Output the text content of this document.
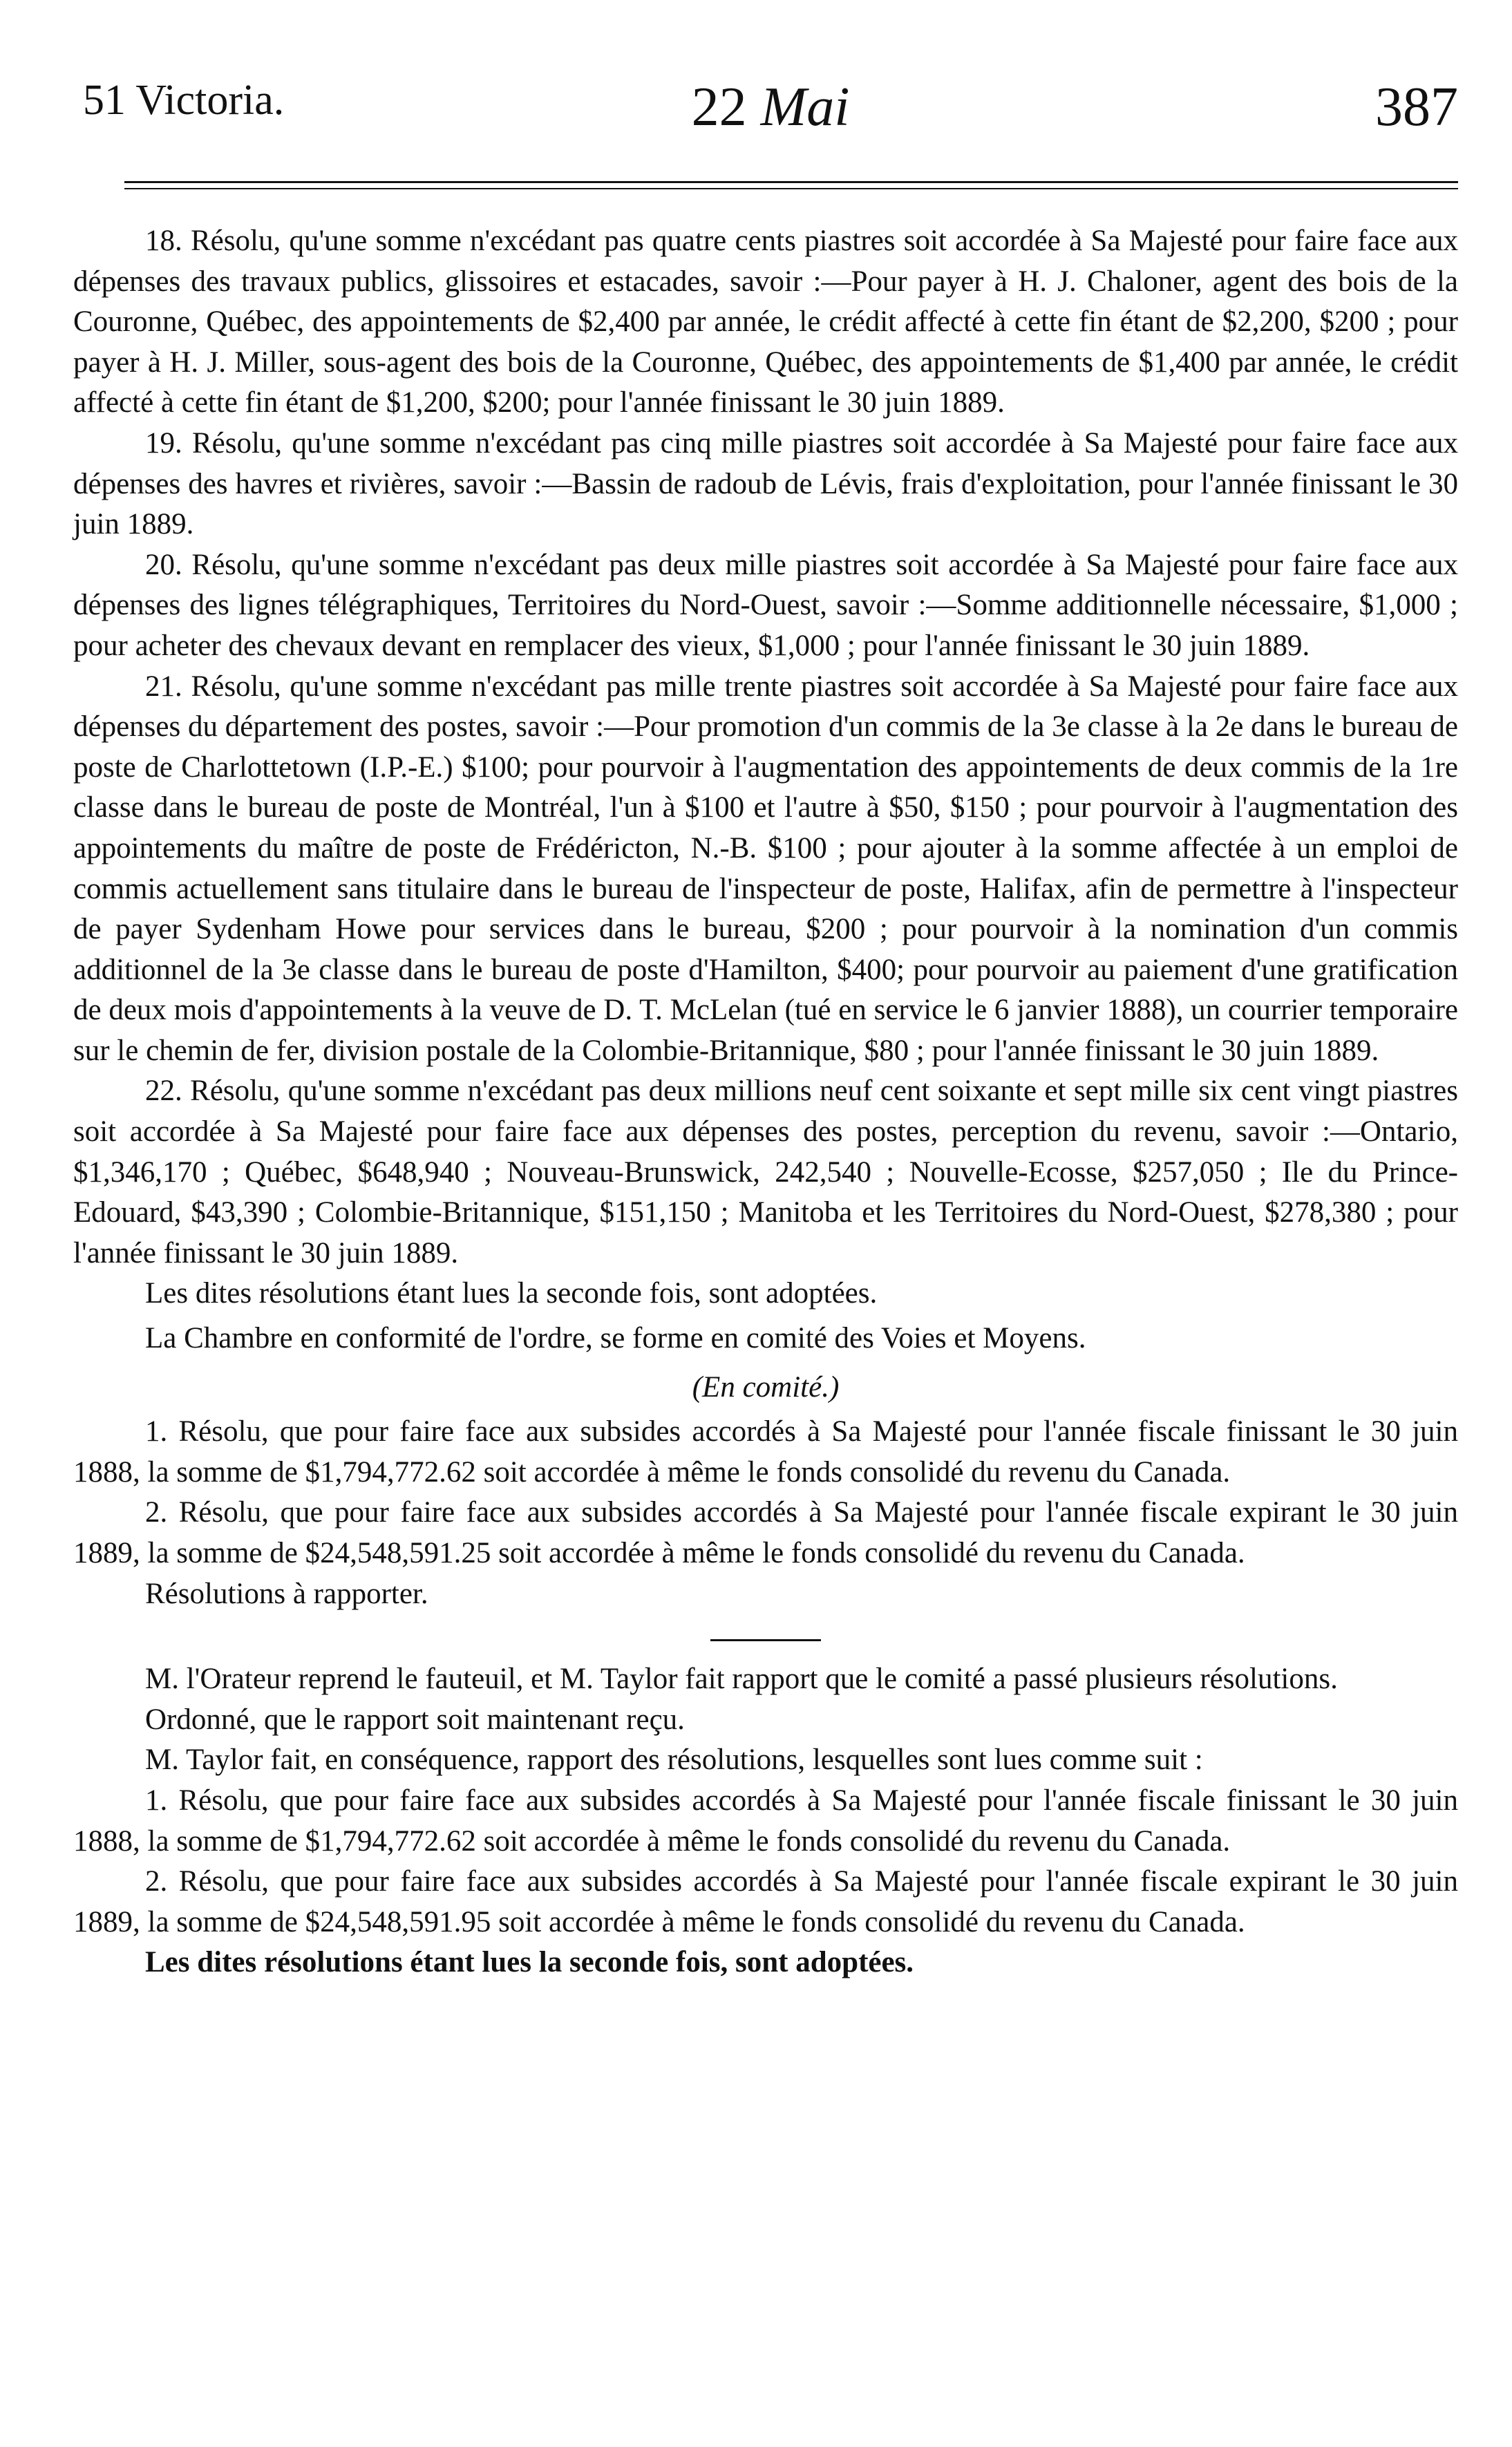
51 Victoria.	22 Mai	387

18. Résolu, qu'une somme n'excédant pas quatre cents piastres soit accordée à Sa Majesté pour faire face aux dépenses des travaux publics, glissoires et estacades, savoir :—Pour payer à H. J. Chaloner, agent des bois de la Couronne, Québec, des appointements de $2,400 par année, le crédit affecté à cette fin étant de $2,200, $200 ; pour payer à H. J. Miller, sous-agent des bois de la Couronne, Québec, des appointements de $1,400 par année, le crédit affecté à cette fin étant de $1,200, $200; pour l'année finissant le 30 juin 1889.

19. Résolu, qu'une somme n'excédant pas cinq mille piastres soit accordée à Sa Majesté pour faire face aux dépenses des havres et rivières, savoir :—Bassin de radoub de Lévis, frais d'exploitation, pour l'année finissant le 30 juin 1889.

20. Résolu, qu'une somme n'excédant pas deux mille piastres soit accordée à Sa Majesté pour faire face aux dépenses des lignes télégraphiques, Territoires du Nord-Ouest, savoir :—Somme additionnelle nécessaire, $1,000 ; pour acheter des chevaux devant en remplacer des vieux, $1,000 ; pour l'année finissant le 30 juin 1889.

21. Résolu, qu'une somme n'excédant pas mille trente piastres soit accordée à Sa Majesté pour faire face aux dépenses du département des postes, savoir :—Pour promotion d'un commis de la 3e classe à la 2e dans le bureau de poste de Charlottetown (I.P.-E.) $100; pour pourvoir à l'augmentation des appointements de deux commis de la 1re classe dans le bureau de poste de Montréal, l'un à $100 et l'autre à $50, $150 ; pour pourvoir à l'augmentation des appointements du maître de poste de Frédéricton, N.-B. $100 ; pour ajouter à la somme affectée à un emploi de commis actuellement sans titulaire dans le bureau de l'inspecteur de poste, Halifax, afin de permettre à l'inspecteur de payer Sydenham Howe pour services dans le bureau, $200 ; pour pourvoir à la nomination d'un commis additionnel de la 3e classe dans le bureau de poste d'Hamilton, $400; pour pourvoir au paiement d'une gratification de deux mois d'appointements à la veuve de D. T. McLelan (tué en service le 6 janvier 1888), un courrier temporaire sur le chemin de fer, division postale de la Colombie-Britannique, $80 ; pour l'année finissant le 30 juin 1889.

22. Résolu, qu'une somme n'excédant pas deux millions neuf cent soixante et sept mille six cent vingt piastres soit accordée à Sa Majesté pour faire face aux dépenses des postes, perception du revenu, savoir :—Ontario, $1,346,170 ; Québec, $648,940 ; Nouveau-Brunswick, 242,540 ; Nouvelle-Ecosse, $257,050 ; Ile du Prince-Edouard, $43,390 ; Colombie-Britannique, $151,150 ; Manitoba et les Territoires du Nord-Ouest, $278,380 ; pour l'année finissant le 30 juin 1889.

Les dites résolutions étant lues la seconde fois, sont adoptées.

La Chambre en conformité de l'ordre, se forme en comité des Voies et Moyens.

(En comité.)

1. Résolu, que pour faire face aux subsides accordés à Sa Majesté pour l'année fiscale finissant le 30 juin 1888, la somme de $1,794,772.62 soit accordée à même le fonds consolidé du revenu du Canada.

2. Résolu, que pour faire face aux subsides accordés à Sa Majesté pour l'année fiscale expirant le 30 juin 1889, la somme de $24,548,591.25 soit accordée à même le fonds consolidé du revenu du Canada.

Résolutions à rapporter.

M. l'Orateur reprend le fauteuil, et M. Taylor fait rapport que le comité a passé plusieurs résolutions.

Ordonné, que le rapport soit maintenant reçu.

M. Taylor fait, en conséquence, rapport des résolutions, lesquelles sont lues comme suit :

1. Résolu, que pour faire face aux subsides accordés à Sa Majesté pour l'année fiscale finissant le 30 juin 1888, la somme de $1,794,772.62 soit accordée à même le fonds consolidé du revenu du Canada.

2. Résolu, que pour faire face aux subsides accordés à Sa Majesté pour l'année fiscale expirant le 30 juin 1889, la somme de $24,548,591.95 soit accordée à même le fonds consolidé du revenu du Canada.

Les dites résolutions étant lues la seconde fois, sont adoptées.
